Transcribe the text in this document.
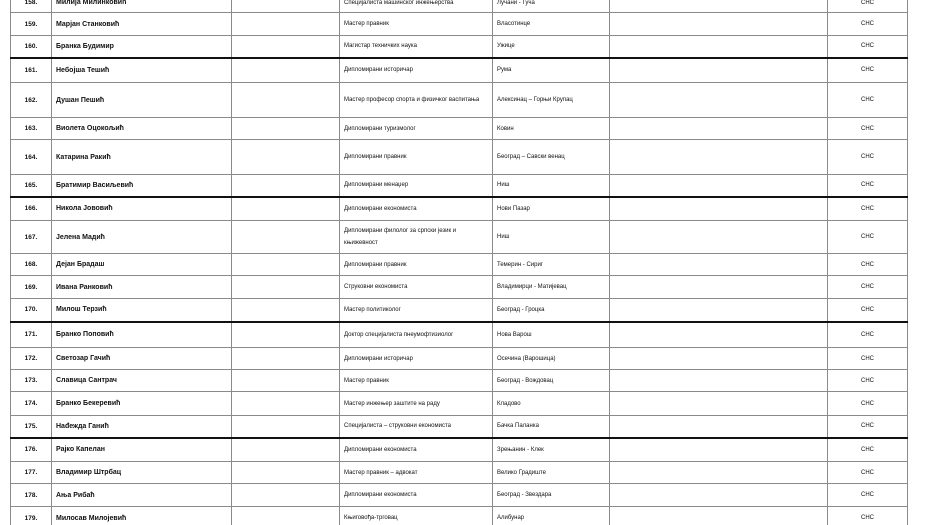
158.	Милија Милинковић		Специјалиста машинског инжењерства	Лучани - Гуча		СНС
159.	Марјан Станковић		Мастер правник	Власотинце		СНС
160.	Бранка Будимир		Магистар техничких наука	Ужице		СНС
161.	Небојша Тешић		Дипломирани историчар	Рума		СНС
162.	Душан Пешић		Мастер професор спорта и физичког васпитања	Алексинац – Горњи Крупац		СНС
163.	Виолета Оцокољић		Дипломирани туризмолог	Ковин		СНС
164.	Катарина Ракић		Дипломирани правник	Београд – Савски венац		СНС
165.	Братимир Васиљевић		Дипломирани менаџер	Ниш		СНС
166.	Никола Јововић		Дипломирани економиста	Нови Пазар		СНС
167.	Јелена Мадић		Дипломирани филолог за српски језик и књижевност	Ниш		СНС
168.	Дејан Брадаш		Дипломирани правник	Темерин - Сириг		СНС
169.	Ивана Ранковић		Струковни економиста	Владимирци - Матијевац		СНС
170.	Милош Терзић		Мастер политиколог	Београд - Гроцка		СНС
171.	Бранко Поповић		Доктор специјалиста пнеумофтизиолог	Нова Варош		СНС
172.	Светозар Гачић		Дипломирани историчар	Осечина (Варошица)		СНС
173.	Славица Сантрач		Мастер правник	Београд - Вождовац		СНС
174.	Бранко Бекеревић		Мастер инжењер заштите на раду	Кладово		СНС
175.	Наđежда Ганић		Специјалиста – струковни економиста	Бачка Паланка		СНС
176.	Рајко Капелан		Дипломирани економиста	Зрењанин - Клек		СНС
177.	Владимир Штрбац		Мастер правник – адвокат	Велико Градиште		СНС
178.	Ања Рибаћ		Дипломирани економиста	Београд - Звездара		СНС
179.	Милосав Милојевић		Књиговођа-трговац	Алибунар		СНС
